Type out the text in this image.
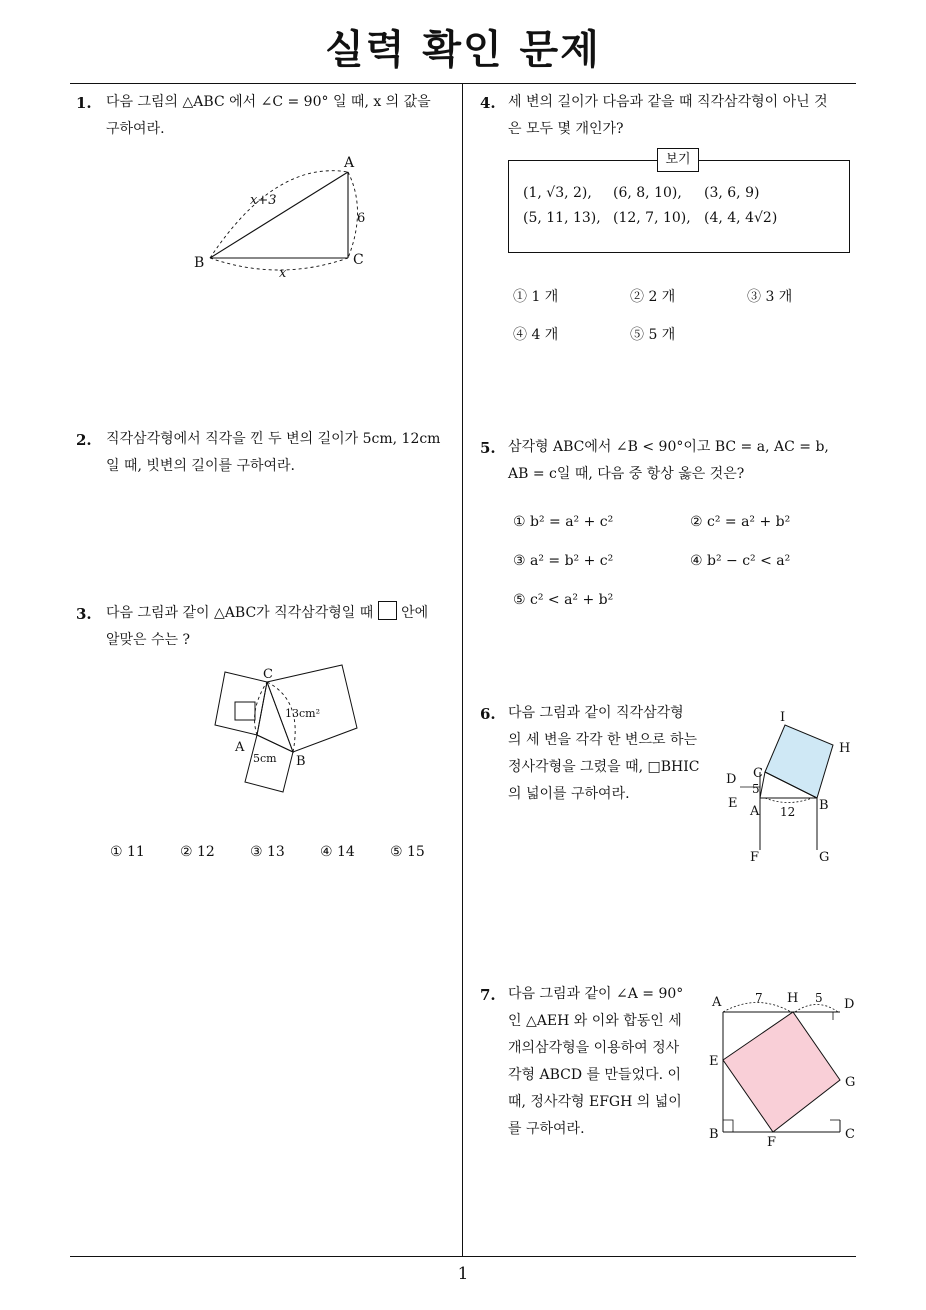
실력 확인 문제
1. 다음 그림의 △ABC 에서 ∠C = 90° 일 때, x 의 값을
구하여라.
A
B	C
x+3
6
x
2. 직각삼각형에서 직각을 낀 두 변의 길이가 5cm, 12cm
일 때, 빗변의 길이를 구하여라.
3. 다음 그림과 같이 △ABC가 직각삼각형일 때 안에
알맞은 수는 ?
C
A
B
13cm²
5cm
① 11	② 12	③ 13	④ 14	⑤ 15
4. 세 변의 길이가 다음과 같을 때 직각삼각형이 아닌 것
은 모두 몇 개인가?
보기
(1, √3, 2), (6, 8, 10), (3, 6, 9)
(5, 11, 13), (12, 7, 10), (4, 4, 4√2)
① 1 개	② 2 개	③ 3 개
④ 4 개	⑤ 5 개
5. 삼각형 ABC에서 ∠B < 90°이고 BC = a, AC = b,
AB = c일 때, 다음 중 항상 옳은 것은?
① b² = a² + c²	② c² = a² + b²
③ a² = b² + c²	④ b² − c² < a²
⑤ c² < a² + b²
6. 다음 그림과 같이 직각삼각형
의 세 변을 각각 한 변으로 하는
정사각형을 그렸을 때, □BHIC
의 넓이를 구하여라.
I
H
D C
E
A	B
F	G
5
12
7. 다음 그림과 같이 ∠A = 90°
인 △AEH 와 이와 합동인 세
개의삼각형을 이용하여 정사
각형 ABCD 를 만들었다. 이
때, 정사각형 EFGH 의 넓이
를 구하여라.
A	7 H 5 D
E
G
B
F
C
1
